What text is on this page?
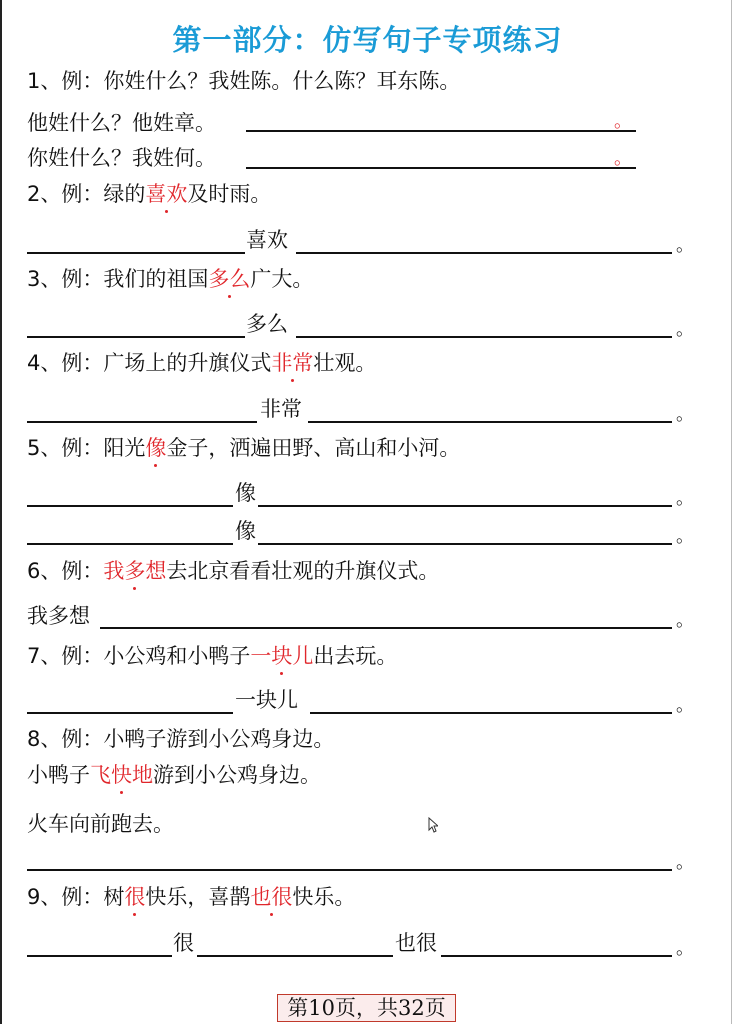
第一部分：仿写句子专项练习
1、例：你姓什么？我姓陈。什么陈？耳东陈。
他姓什么？他姓章。	。
你姓什么？我姓何。	。
2、例：绿的喜欢及时雨。
喜欢	。
3、例：我们的祖国多么广大。
多么	。
4、例：广场上的升旗仪式非常壮观。
非常	。
5、例：阳光像金子，洒遍田野、高山和小河。
像	。
像	。
6、例：我多想去北京看看壮观的升旗仪式。
我多想	。
7、例：小公鸡和小鸭子一块儿出去玩。
一块儿	。
8、例：小鸭子游到小公鸡身边。
小鸭子飞快地游到小公鸡身边。
火车向前跑去。
。
9、例：树很快乐，喜鹊也很快乐。
很	也很	。
第10页，共32页
